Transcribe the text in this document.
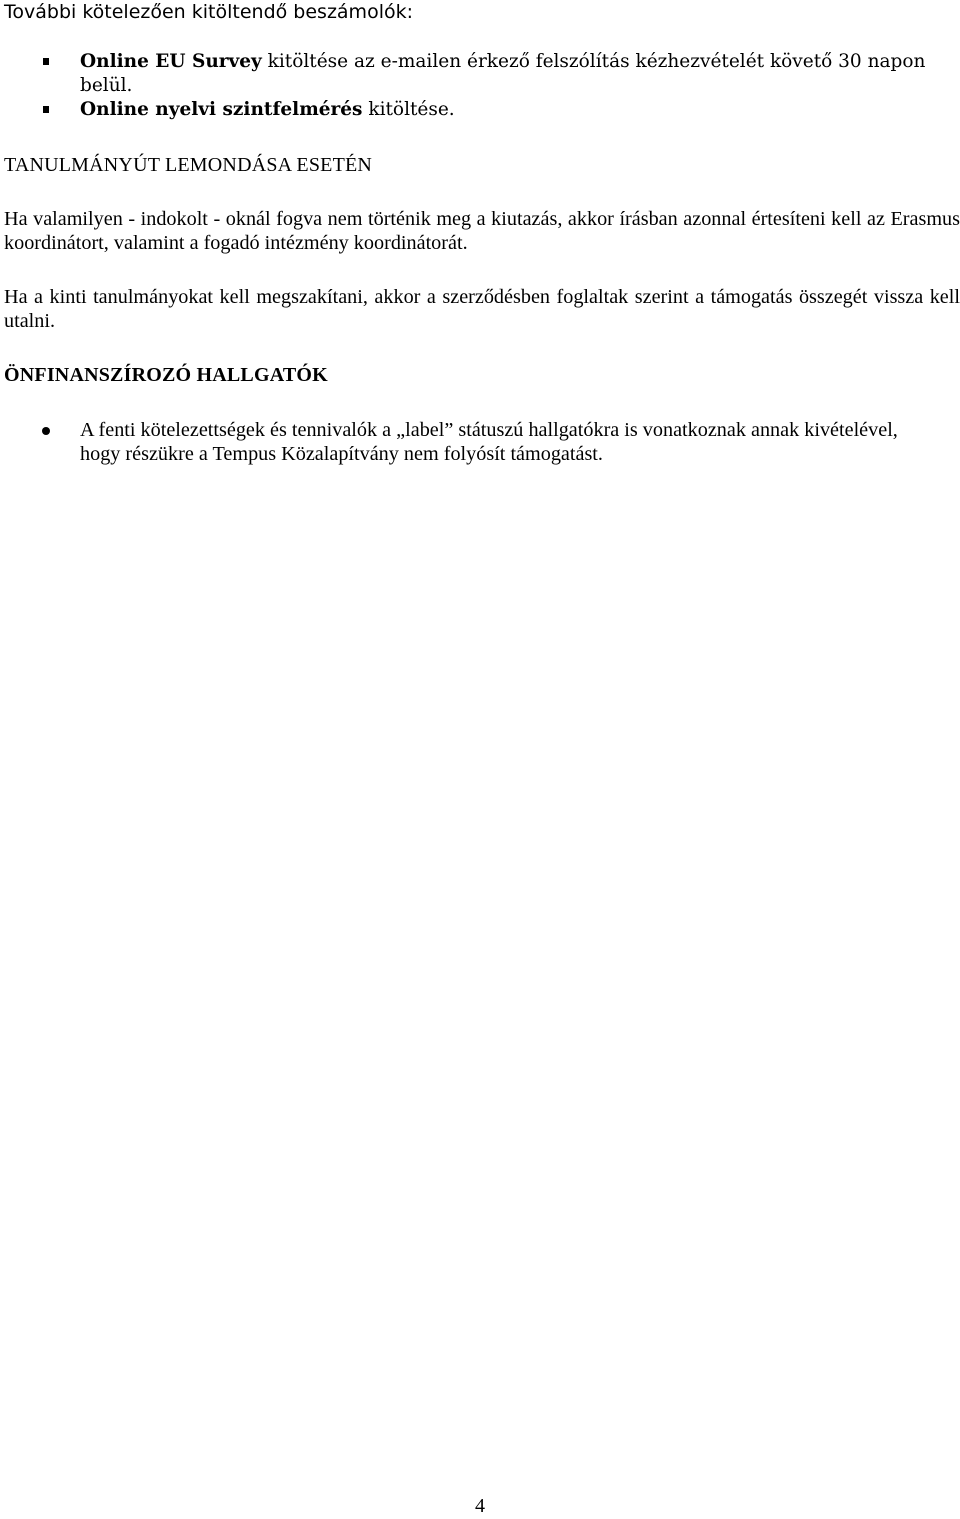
További kötelezően kitöltendő beszámolók:

Online EU Survey kitöltése az e-mailen érkező felszólítás kézhezvételét követő 30 napon belül.
Online nyelvi szintfelmérés kitöltése.
TANULMÁNYÚT LEMONDÁSA ESETÉN

Ha valamilyen - indokolt - oknál fogva nem történik meg a kiutazás, akkor írásban azonnal értesíteni kell az Erasmus koordinátort, valamint a fogadó intézmény koordinátorát.

Ha a kinti tanulmányokat kell megszakítani, akkor a szerződésben foglaltak szerint a támogatás összegét vissza kell utalni.

ÖNFINANSZÍROZÓ HALLGATÓK
A fenti kötelezettségek és tennivalók a „label” státuszú hallgatókra is vonatkoznak annak kivételével, hogy részükre a Tempus Közalapítvány nem folyósít támogatást.

4
